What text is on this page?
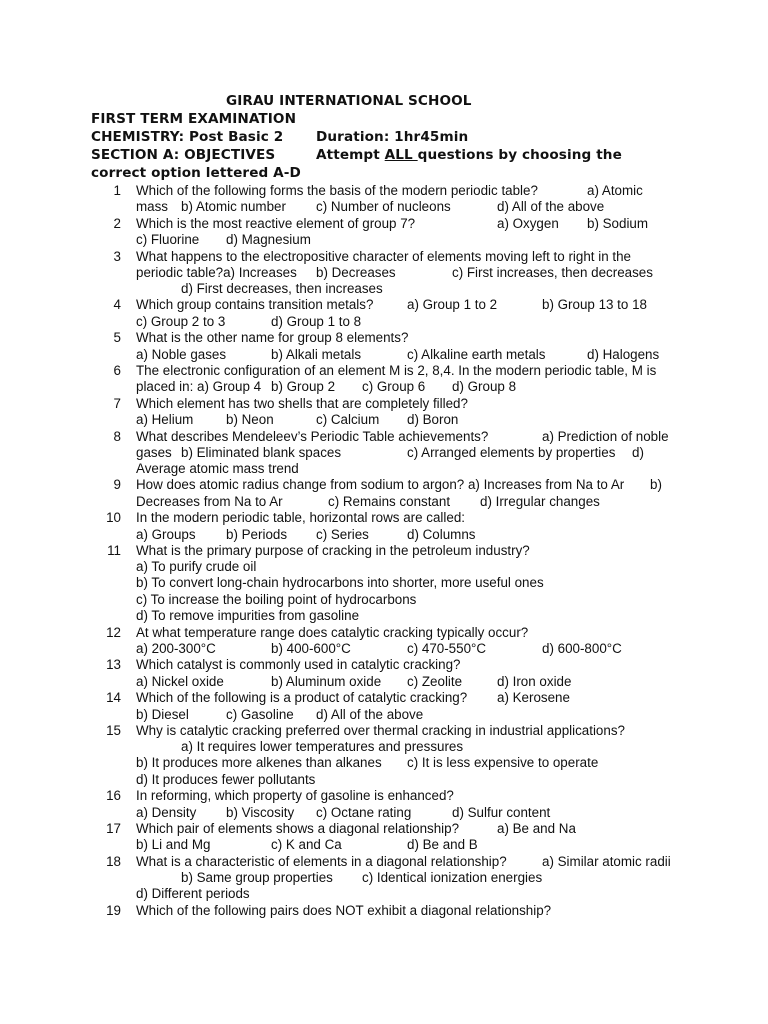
GIRAU INTERNATIONAL SCHOOL
FIRST TERM EXAMINATION
CHEMISTRY: Post Basic 2 Duration: 1hr45min
SECTION A: OBJECTIVES	Attempt ALL questions by choosing the
correct option lettered A-D
1 Which of the following forms the basis of the modern periodic table?	a) Atomic
mass b) Atomic number c) Number of nucleons	d) All of the above
2 Which is the most reactive element of group 7?	a) Oxygen b) Sodium
c) Fluorine d) Magnesium
3 What happens to the electropositive character of elements moving left to right in the
periodic table?a) Increases b) Decreases	c) First increases, then decreases
d) First decreases, then increases
4 Which group contains transition metals?	a) Group 1 to 2	b) Group 13 to 18
c) Group 2 to 3	d) Group 1 to 8
5 What is the other name for group 8 elements?
a) Noble gases	b) Alkali metals	c) Alkaline earth metals	d) Halogens
6 The electronic configuration of an element M is 2, 8,4. In the modern periodic table, M is
placed in: a) Group 4 b) Group 2 c) Group 6 d) Group 8
7 Which element has two shells that are completely filled?
a) Helium b) Neon	c) Calcium d) Boron
8 What describes Mendeleev’s Periodic Table achievements?	a) Prediction of noble
gases b) Eliminated blank spaces	c) Arranged elements by properties d)
Average atomic mass trend
9 How does atomic radius change from sodium to argon? a) Increases from Na to Ar b)
Decreases from Na to Ar	c) Remains constant d) Irregular changes
10 In the modern periodic table, horizontal rows are called:
a) Groups b) Periods c) Series	d) Columns
11 What is the primary purpose of cracking in the petroleum industry?
a) To purify crude oil
b) To convert long-chain hydrocarbons into shorter, more useful ones
c) To increase the boiling point of hydrocarbons
d) To remove impurities from gasoline
12 At what temperature range does catalytic cracking typically occur?
a) 200-300°C	b) 400-600°C	c) 470-550°C	d) 600-800°C
13 Which catalyst is commonly used in catalytic cracking?
a) Nickel oxide	b) Aluminum oxide c) Zeolite	d) Iron oxide
14 Which of the following is a product of catalytic cracking? a) Kerosene
b) Diesel	c) Gasoline d) All of the above
15 Why is catalytic cracking preferred over thermal cracking in industrial applications?
a) It requires lower temperatures and pressures
b) It produces more alkenes than alkanes c) It is less expensive to operate
d) It produces fewer pollutants
16 In reforming, which property of gasoline is enhanced?
a) Density b) Viscosity c) Octane rating	d) Sulfur content
17 Which pair of elements shows a diagonal relationship?	a) Be and Na
b) Li and Mg	c) K and Ca	d) Be and B
18 What is a characteristic of elements in a diagonal relationship?	a) Similar atomic radii
b) Same group properties c) Identical ionization energies
d) Different periods
19 Which of the following pairs does NOT exhibit a diagonal relationship?
